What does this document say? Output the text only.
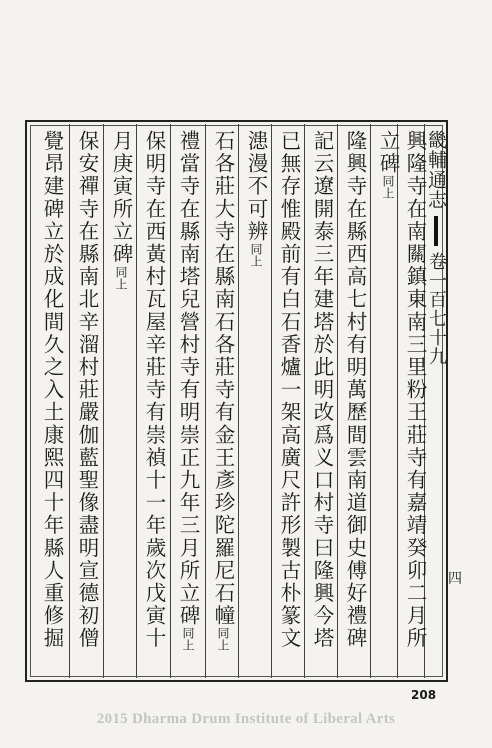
畿輔通志卷一百七十九
興隆寺在南關鎮東南三里粉王莊寺有嘉靖癸卯二月所
立碑同上
隆興寺在縣西高七村有明萬歷間雲南道御史傅好禮碑
記云遼開泰三年建塔於此明改爲义口村寺曰隆興今塔
已無存惟殿前有白石香爐一架高廣尺許形製古朴篆文
漶漫不可辨同上
石各莊大寺在縣南石各莊寺有金王彥珍陀羅尼石幢同上
禮當寺在縣南塔兒營村寺有明崇正九年三月所立碑同上
保明寺在西黃村瓦屋辛莊寺有崇禎十一年歲次戊寅十
月庚寅所立碑同上
保安禪寺在縣南北辛溜村莊嚴伽藍聖像盡明宣德初僧
覺昂建碑立於成化間久之入土康熙四十年縣人重修掘	四
208
2015 Dharma Drum Institute of Liberal Arts
